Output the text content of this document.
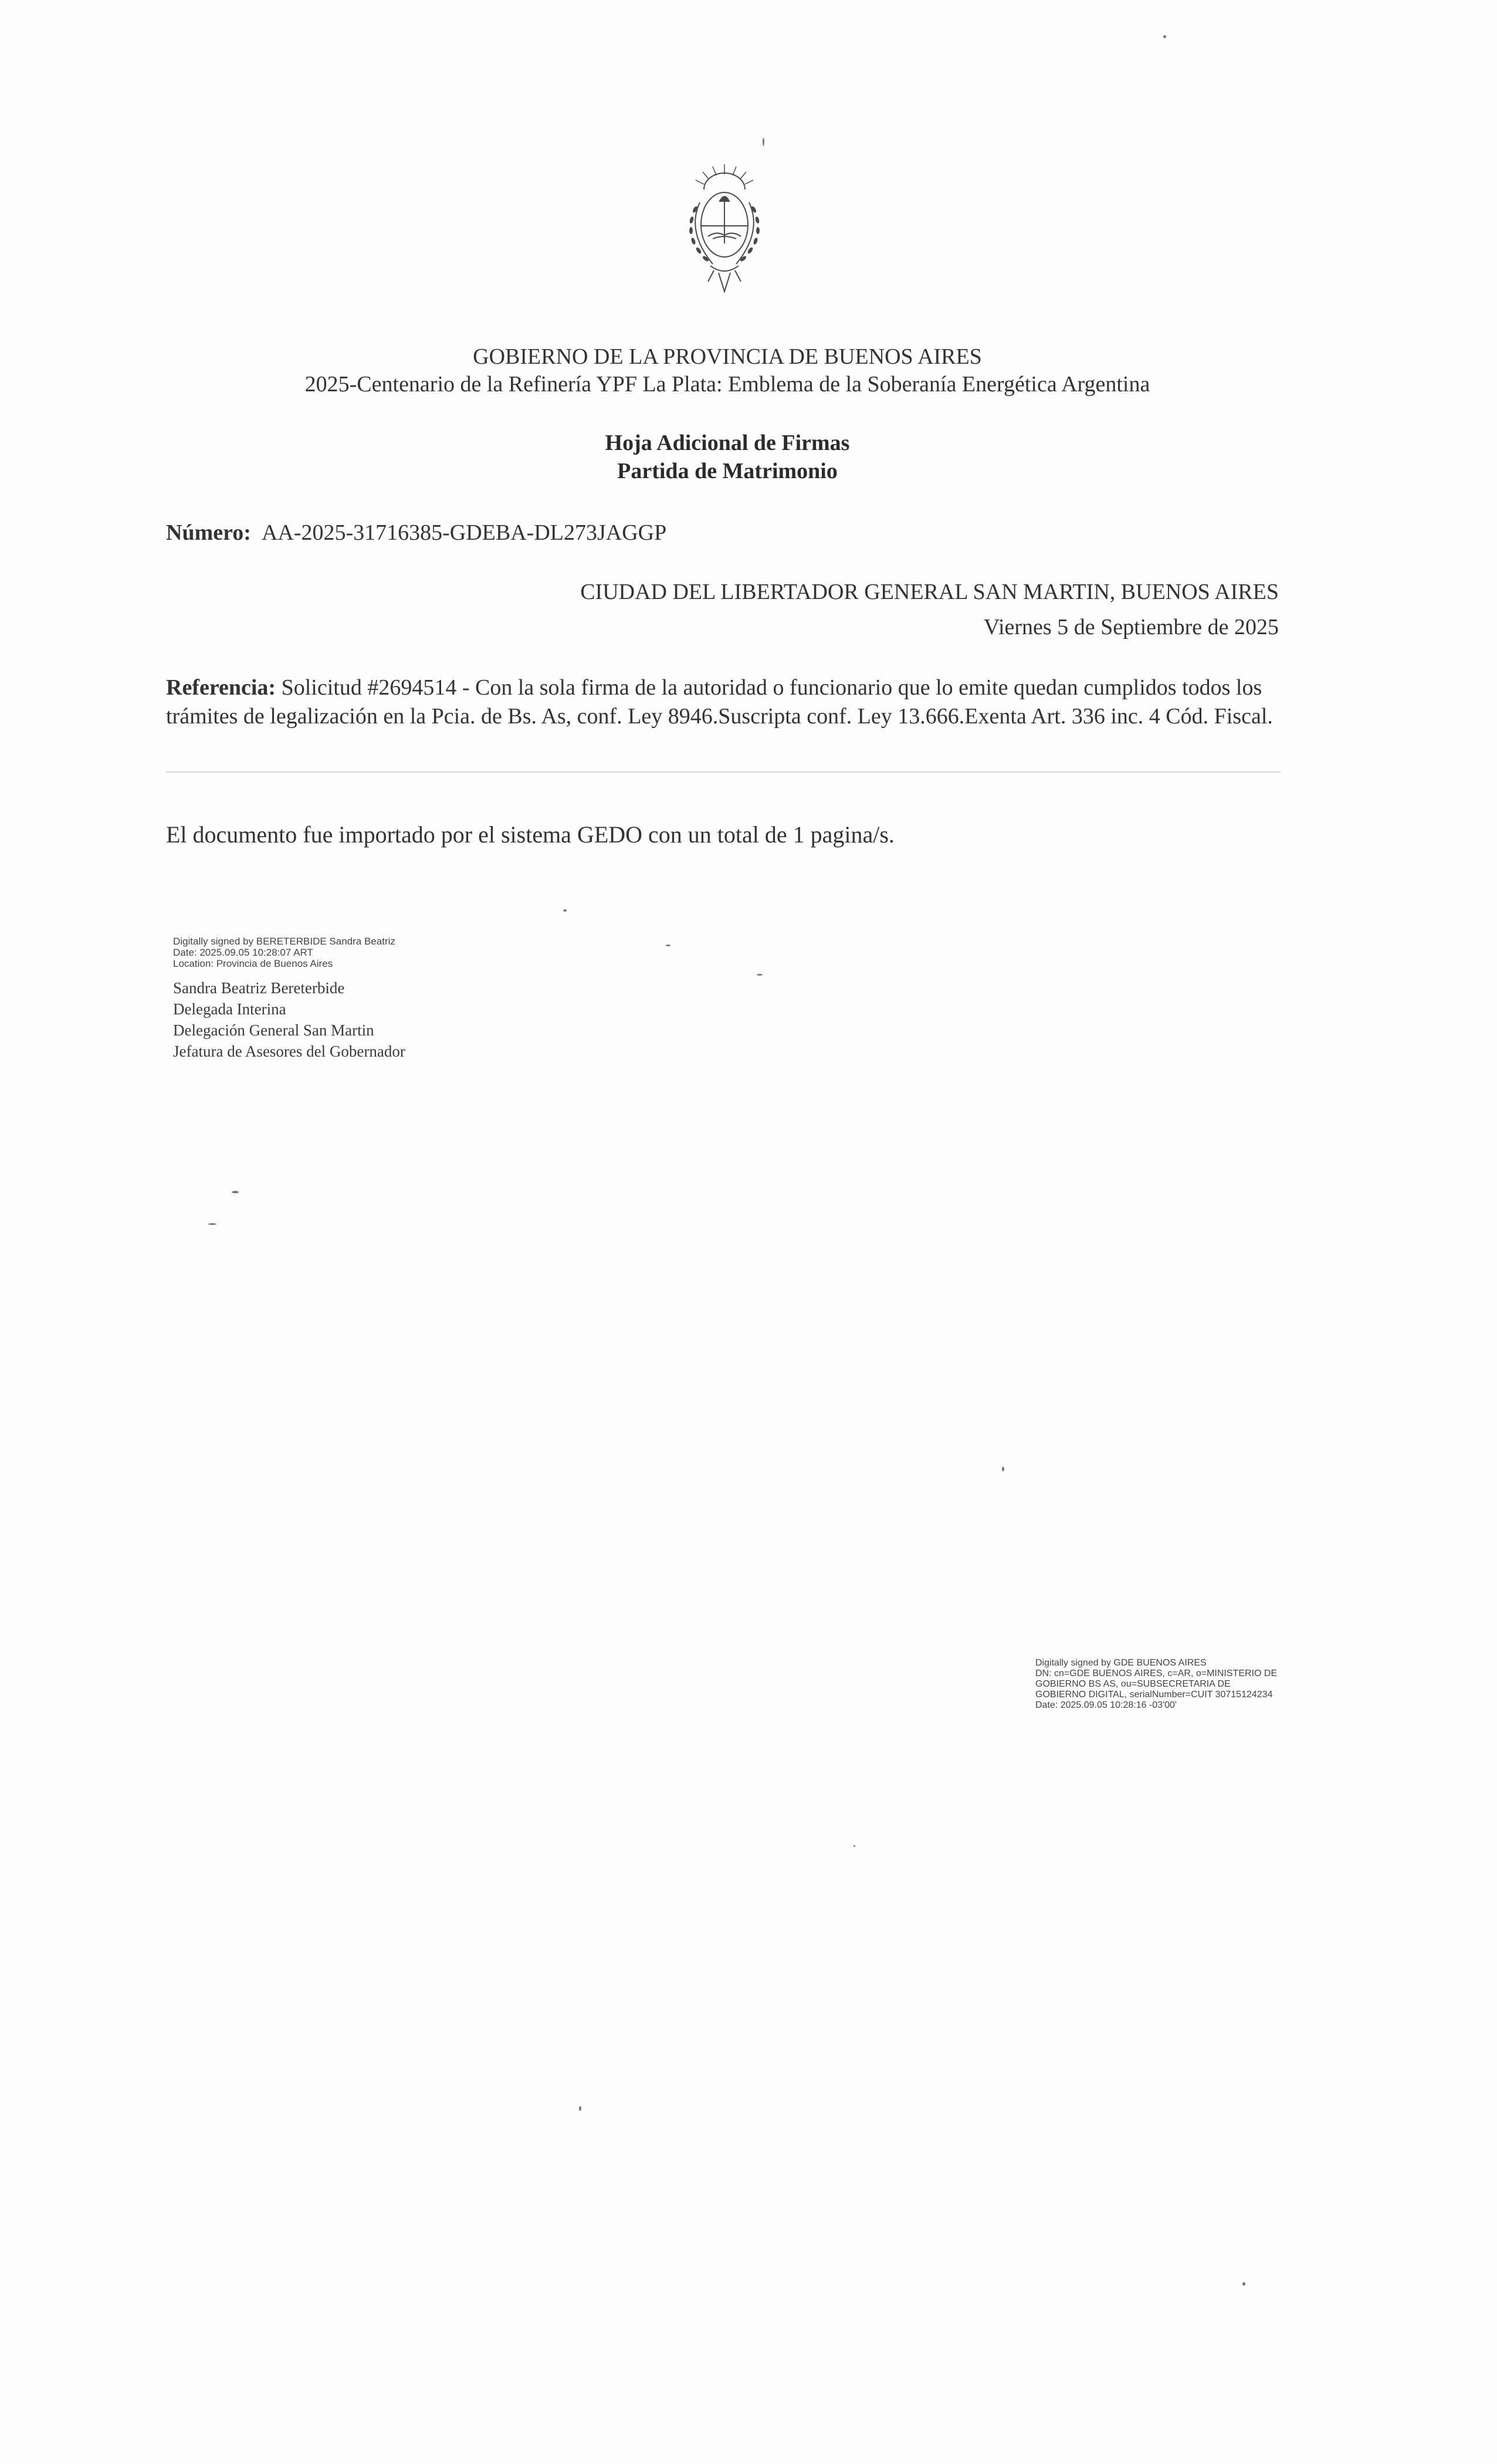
GOBIERNO DE LA PROVINCIA DE BUENOS AIRES
2025-Centenario de la Refinería YPF La Plata: Emblema de la Soberanía Energética Argentina
Hoja Adicional de Firmas
Partida de Matrimonio
Número: AA-2025-31716385-GDEBA-DL273JAGGP
CIUDAD DEL LIBERTADOR GENERAL SAN MARTIN, BUENOS AIRES
Viernes 5 de Septiembre de 2025
Referencia: Solicitud #2694514 - Con la sola firma de la autoridad o funcionario que lo emite quedan cumplidos todos los trámites de legalización en la Pcia. de Bs. As, conf. Ley 8946.Suscripta conf. Ley 13.666.Exenta Art. 336 inc. 4 Cód. Fiscal.
El documento fue importado por el sistema GEDO con un total de 1 pagina/s.

Digitally signed by BERETERBIDE Sandra Beatriz

Date: 2025.09.05 10:28:07 ART

Location: Provincia de Buenos Aires

Sandra Beatriz Bereterbide
Delegada Interina
Delegación General San Martin
Jefatura de Asesores del Gobernador

Digitally signed by GDE BUENOS AIRES

DN: cn=GDE BUENOS AIRES, c=AR, o=MINISTERIO DE

GOBIERNO BS AS, ou=SUBSECRETARIA DE

GOBIERNO DIGITAL, serialNumber=CUIT 30715124234

Date: 2025.09.05 10:28:16 -03'00'
